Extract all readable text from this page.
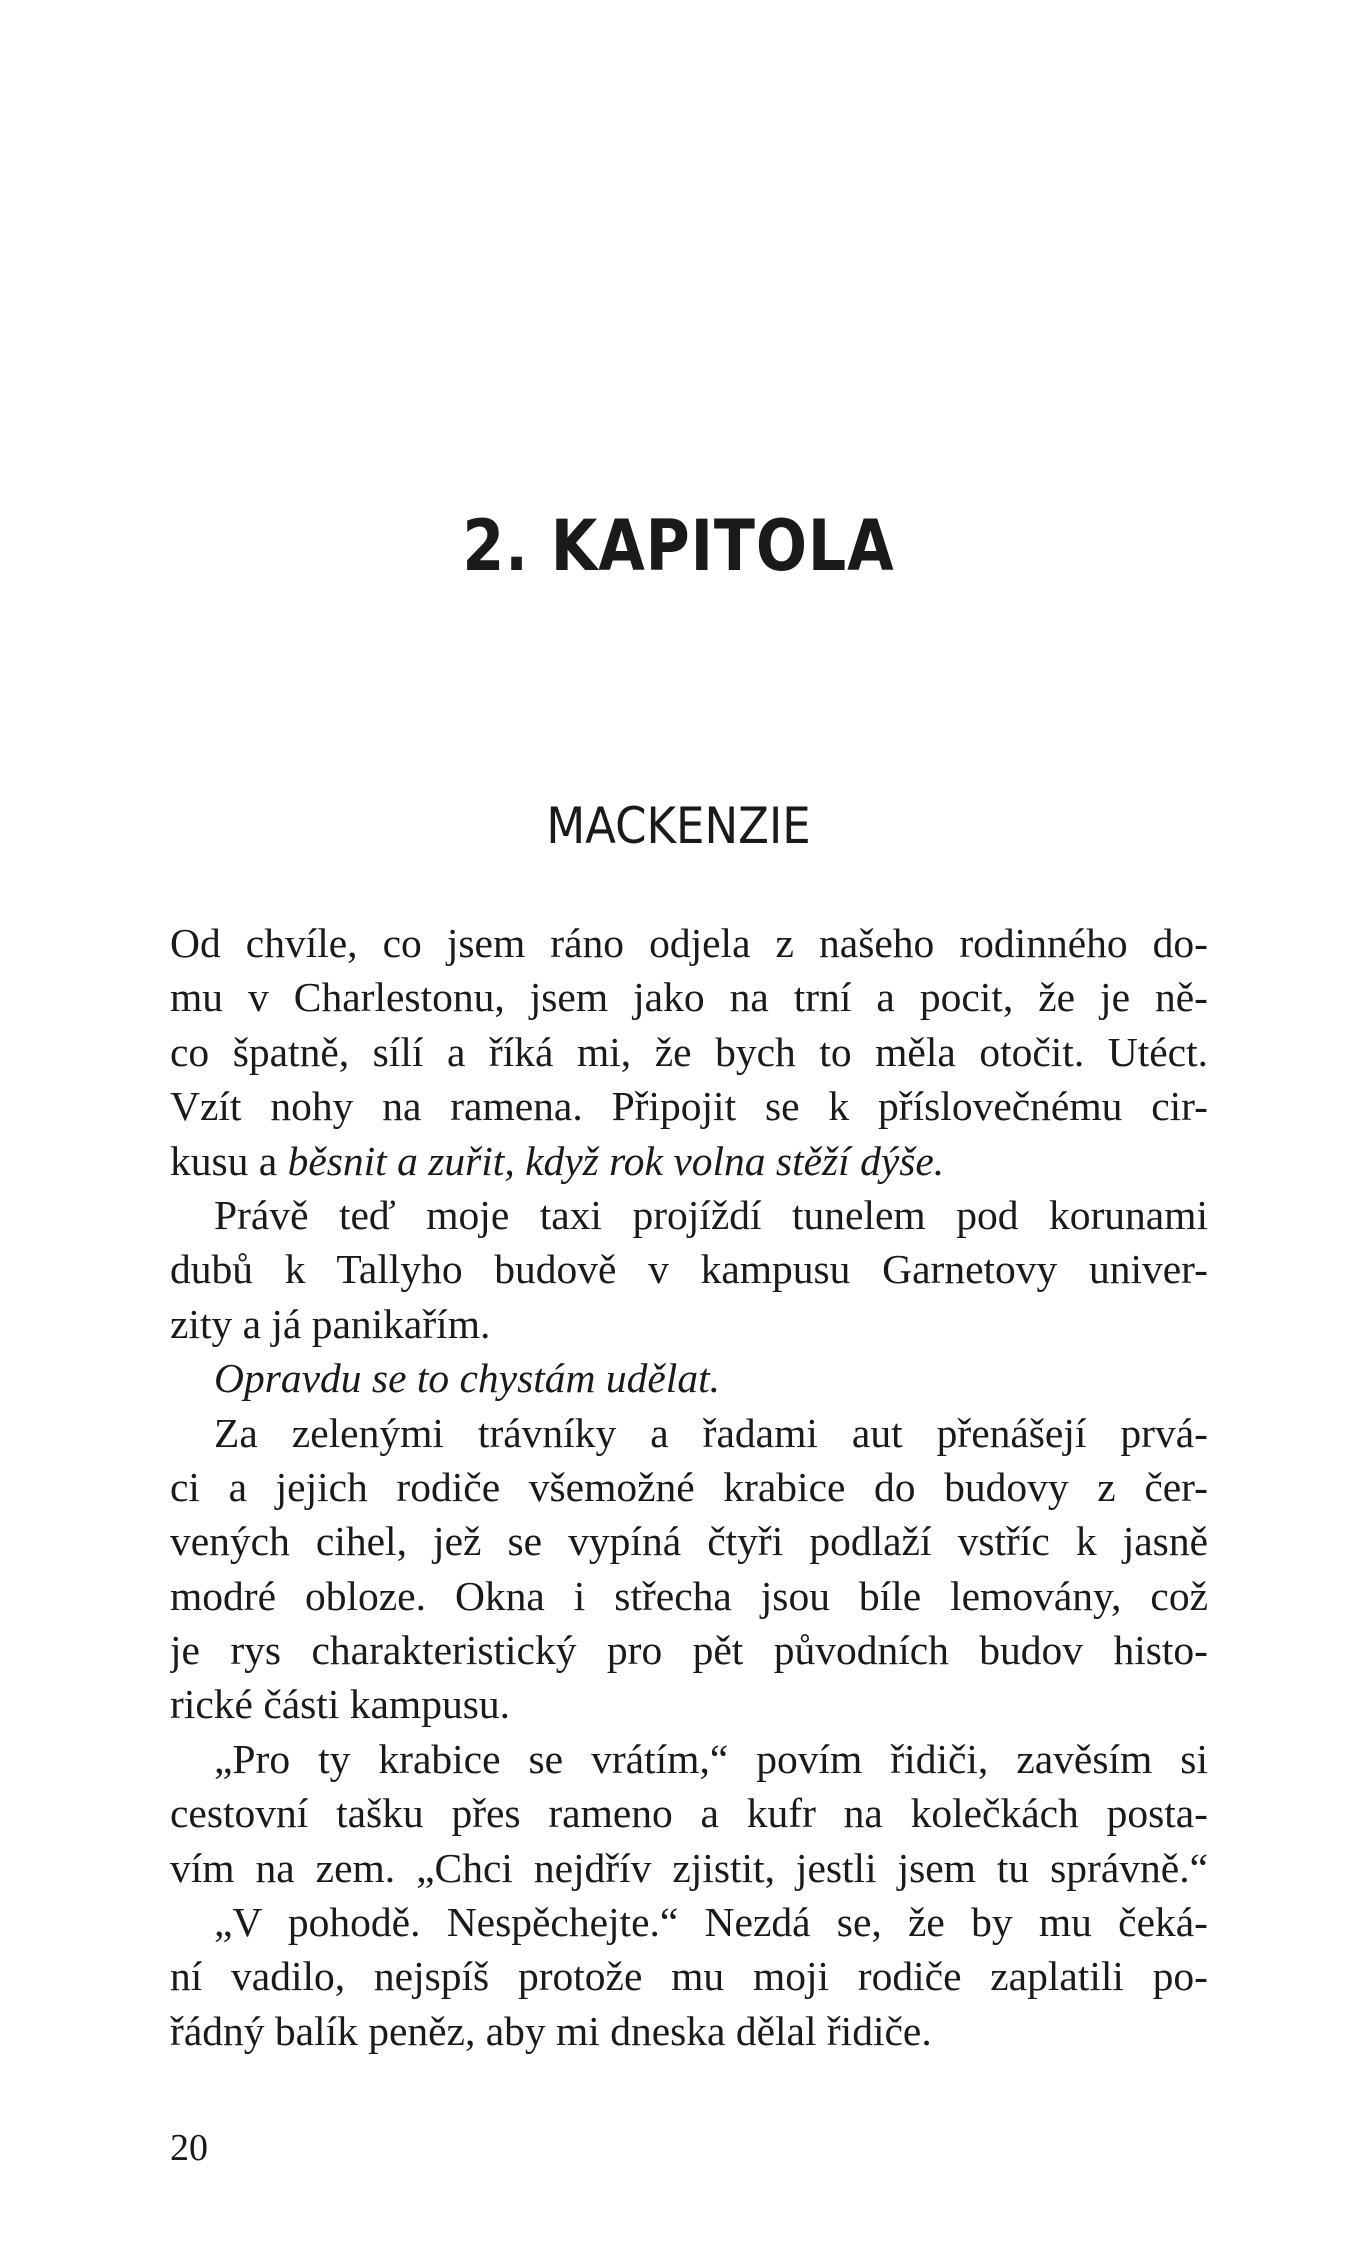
2. KAPITOLA
MACKENZIE
Od chvíle, co jsem ráno odjela z našeho rodinného do-
mu v Charlestonu, jsem jako na trní a pocit, že je ně-
co špatně, sílí a říká mi, že bych to měla otočit. Utéct.
Vzít nohy na ramena. Připojit se k příslovečnému cir-
kusu a běsnit a zuřit, když rok volna stěží dýše.
Právě teď moje taxi projíždí tunelem pod korunami
dubů k Tallyho budově v kampusu Garnetovy univer-
zity a já panikařím.
Opravdu se to chystám udělat.
Za zelenými trávníky a řadami aut přenášejí prvá-
ci a jejich rodiče všemožné krabice do budovy z čer-
vených cihel, jež se vypíná čtyři podlaží vstříc k jasně
modré obloze. Okna i střecha jsou bíle lemovány, což
je rys charakteristický pro pět původních budov histo-
rické části kampusu.
„Pro ty krabice se vrátím,“ povím řidiči, zavěsím si
cestovní tašku přes rameno a kufr na kolečkách posta-
vím na zem. „Chci nejdřív zjistit, jestli jsem tu správně.“
„V pohodě. Nespěchejte.“ Nezdá se, že by mu čeká-
ní vadilo, nejspíš protože mu moji rodiče zaplatili po-
řádný balík peněz, aby mi dneska dělal řidiče.
20
